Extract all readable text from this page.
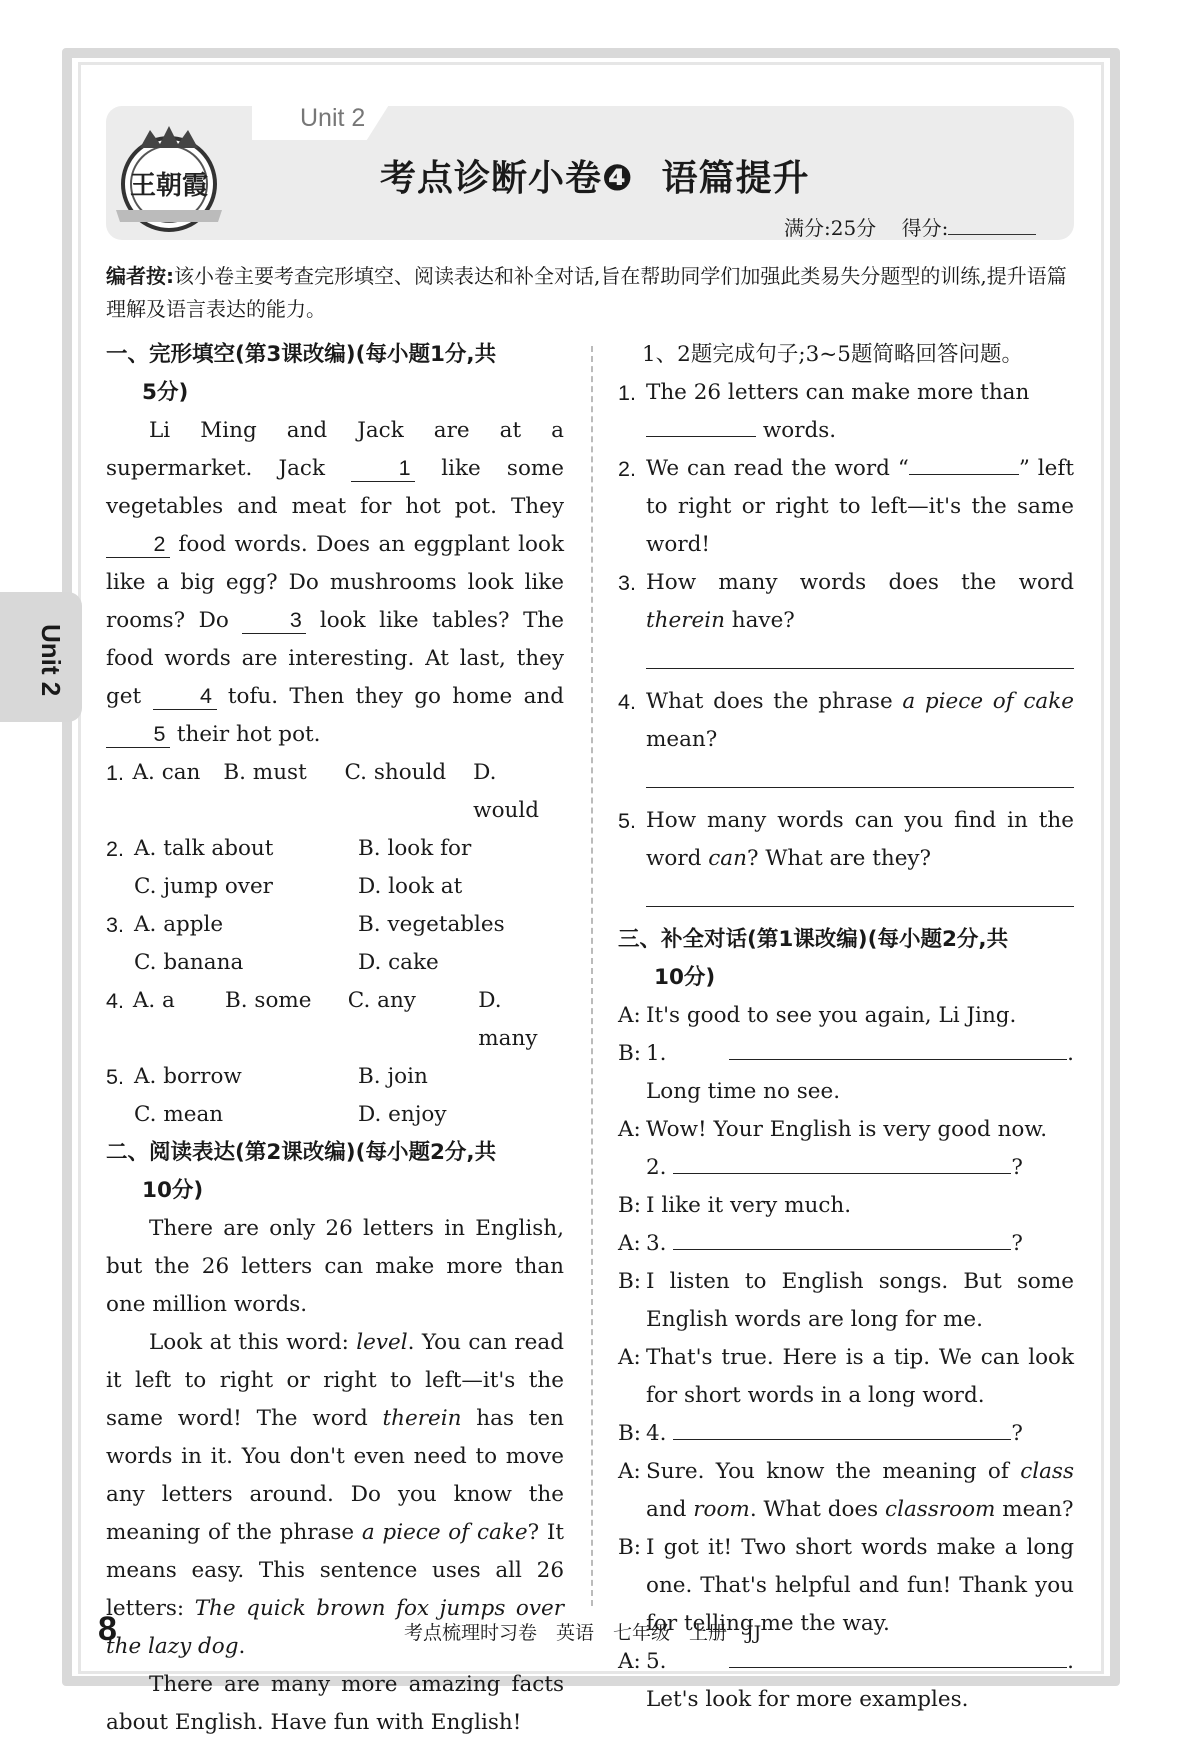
Unit 2
王朝霞	考点诊断小卷❹ 语篇提升
满分:25分 得分:
编者按:该小卷主要考查完形填空、阅读表达和补全对话,旨在帮助同学们加强此类易失分题型的训练,提升语篇理解及语言表达的能力。
Unit 2
一、完形填空(第3课改编)(每小题1分,共
5分)

Li Ming and Jack are at a supermarket. Jack	1 like some vegetables and meat for hot pot. They 2 food words. Does an eggplant look like a big egg? Do mushrooms look like rooms? Do	3 look like tables? The food words are interesting. At last, they get	4 tofu. Then they go home and 5 their hot pot.

1. A. can	B. must	C. should	D. would
2. A. talk about	B. look for
C. jump over	D. look at
3. A. apple	B. vegetables
C. banana	D. cake
4. A. a	B. some	C. any	D. many
5. A. borrow	B. join
C. mean	D. enjoy
二、阅读表达(第2课改编)(每小题2分,共
10分)

There are only 26 letters in English, but the 26 letters can make more than one million words.

Look at this word: level. You can read it left to right or right to left—it's the same word! The word therein has ten words in it. You don't even need to move any letters around. Do you know the meaning of the phrase a piece of cake? It means easy. This sentence uses all 26 letters: The quick brown fox jumps over the lazy dog.

There are many more amazing facts about English. Have fun with English!

1、2题完成句子;3~5题简略回答问题。
1. The 26 letters can make more than
words.
2. We can read the word “	” left to right or right to left—it's the same word!
3. How many words does the word therein have?
4. What does the phrase a piece of cake mean?
5. How many words can you find in the word can? What are they?
三、补全对话(第1课改编)(每小题2分,共
10分)
A: It's good to see you again, Li Jing.
B: 1.	. Long time no see.
A: Wow! Your English is very good now.
2.	?
B: I like it very much.
A: 3.	?
B: I listen to English songs. But some English words are long for me.
A: That's true. Here is a tip. We can look for short words in a long word.
B: 4.	?
A: Sure. You know the meaning of class and room. What does classroom mean?
B: I got it! Two short words make a long one. That's helpful and fun! Thank you for telling me the way.
A: 5.	. Let's look for more examples.
8	考点梳理时习卷　英语　七年级　上册　JJ
